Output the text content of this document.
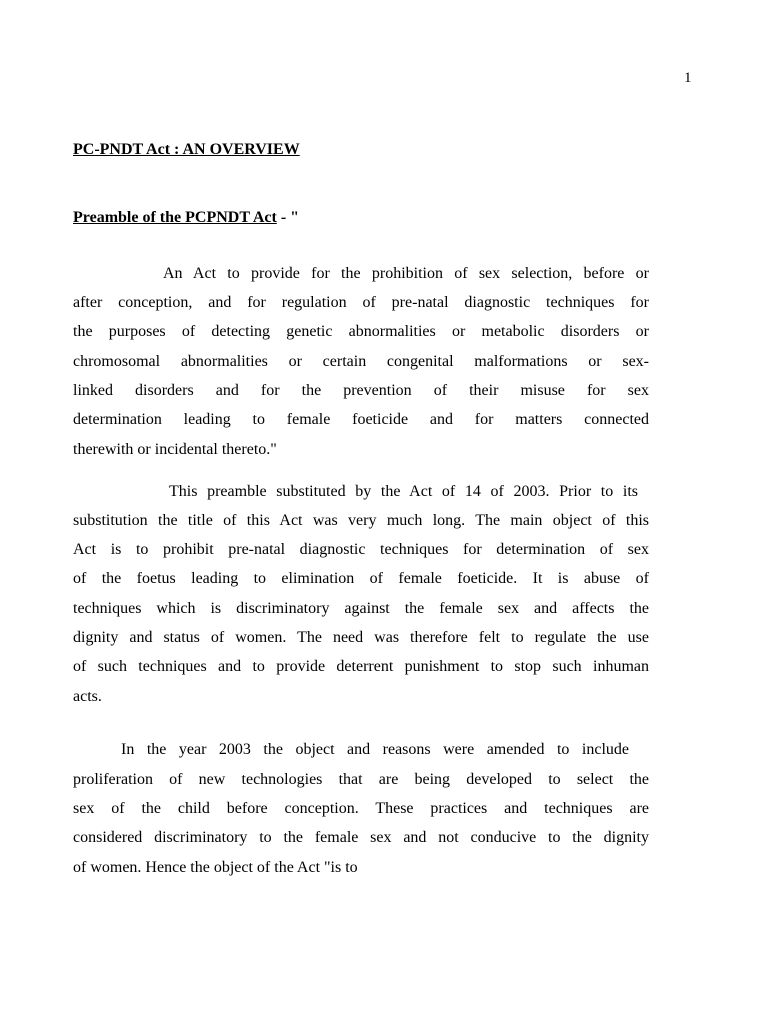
1
PC-PNDT Act : AN OVERVIEW
Preamble of the PCPNDT Act - "
An Act to provide for the prohibition of sex selection, before or
after conception, and for regulation of pre-natal diagnostic techniques for
the purposes of detecting genetic abnormalities or metabolic disorders or
chromosomal abnormalities or certain congenital malformations or sex-
linked disorders and for the prevention of their misuse for sex
determination leading to female foeticide and for matters connected
therewith or incidental thereto."
This preamble substituted by the Act of 14 of 2003. Prior to its
substitution the title of this Act was very much long. The main object of this
Act is to prohibit pre-natal diagnostic techniques for determination of sex
of the foetus leading to elimination of female foeticide. It is abuse of
techniques which is discriminatory against the female sex and affects the
dignity and status of women. The need was therefore felt to regulate the use
of such techniques and to provide deterrent punishment to stop such inhuman
acts.
In the year 2003 the object and reasons were amended to include
proliferation of new technologies that are being developed to select the
sex of the child before conception. These practices and techniques are
considered discriminatory to the female sex and not conducive to the dignity
of women. Hence the object of the Act "is to
